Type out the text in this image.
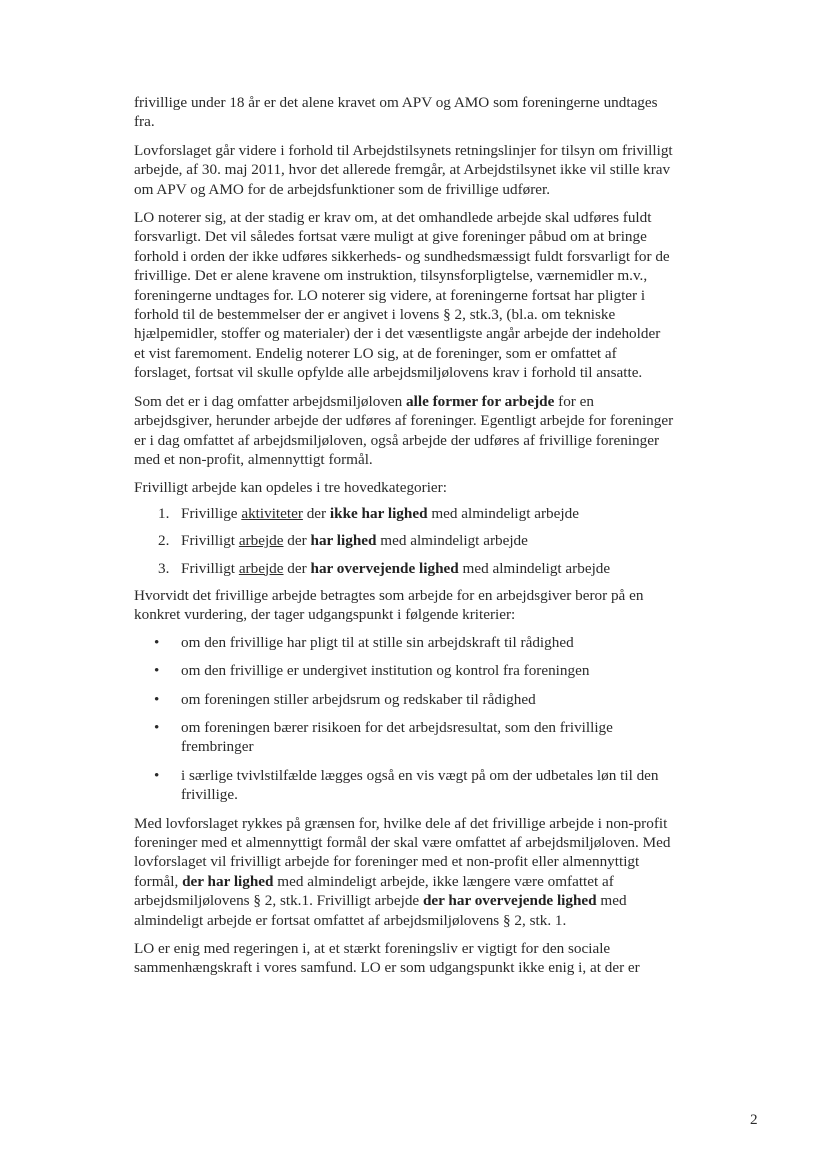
frivillige under 18 år er det alene kravet om APV og AMO som foreningerne undtages fra.

Lovforslaget går videre i forhold til Arbejdstilsynets retningslinjer for tilsyn om frivilligt arbejde, af 30. maj 2011, hvor det allerede fremgår, at Arbejdstilsynet ikke vil stille krav om APV og AMO for de arbejdsfunktioner som de frivillige udfører.

LO noterer sig, at der stadig er krav om, at det omhandlede arbejde skal udføres fuldt forsvarligt. Det vil således fortsat være muligt at give foreninger påbud om at bringe forhold i orden der ikke udføres sikkerheds- og sundhedsmæssigt fuldt forsvarligt for de frivillige. Det er alene kravene om instruktion, tilsynsforpligtelse, værnemidler m.v., foreningerne undtages for. LO noterer sig videre, at foreningerne fortsat har pligter i forhold til de bestemmelser der er angivet i lovens § 2, stk.3, (bl.a. om tekniske hjælpemidler, stoffer og materialer) der i det væsentligste angår arbejde der indeholder et vist faremoment. Endelig noterer LO sig, at de foreninger, som er omfattet af forslaget, fortsat vil skulle opfylde alle arbejdsmiljølovens krav i forhold til ansatte.

Som det er i dag omfatter arbejdsmiljøloven alle former for arbejde for en arbejdsgiver, herunder arbejde der udføres af foreninger. Egentligt arbejde for foreninger er i dag omfattet af arbejdsmiljøloven, også arbejde der udføres af frivillige foreninger med et non-profit, almennyttigt formål.

Frivilligt arbejde kan opdeles i tre hovedkategorier:

1. Frivillige aktiviteter der ikke har lighed med almindeligt arbejde
2. Frivilligt arbejde der har lighed med almindeligt arbejde
3. Frivilligt arbejde der har overvejende lighed med almindeligt arbejde

Hvorvidt det frivillige arbejde betragtes som arbejde for en arbejdsgiver beror på en konkret vurdering, der tager udgangspunkt i følgende kriterier:

• om den frivillige har pligt til at stille sin arbejdskraft til rådighed
• om den frivillige er undergivet institution og kontrol fra foreningen
• om foreningen stiller arbejdsrum og redskaber til rådighed
• om foreningen bærer risikoen for det arbejdsresultat, som den frivillige frembringer
• i særlige tvivlstilfælde lægges også en vis vægt på om der udbetales løn til den frivillige.

Med lovforslaget rykkes på grænsen for, hvilke dele af det frivillige arbejde i non-profit foreninger med et almennyttigt formål der skal være omfattet af arbejdsmiljøloven. Med lovforslaget vil frivilligt arbejde for foreninger med et non-profit eller almennyttigt formål, der har lighed med almindeligt arbejde, ikke længere være omfattet af arbejdsmiljølovens § 2, stk.1. Frivilligt arbejde der har overvejende lighed med almindeligt arbejde er fortsat omfattet af arbejdsmiljølovens § 2, stk. 1.

LO er enig med regeringen i, at et stærkt foreningsliv er vigtigt for den sociale sammenhængskraft i vores samfund. LO er som udgangspunkt ikke enig i, at der er

2
